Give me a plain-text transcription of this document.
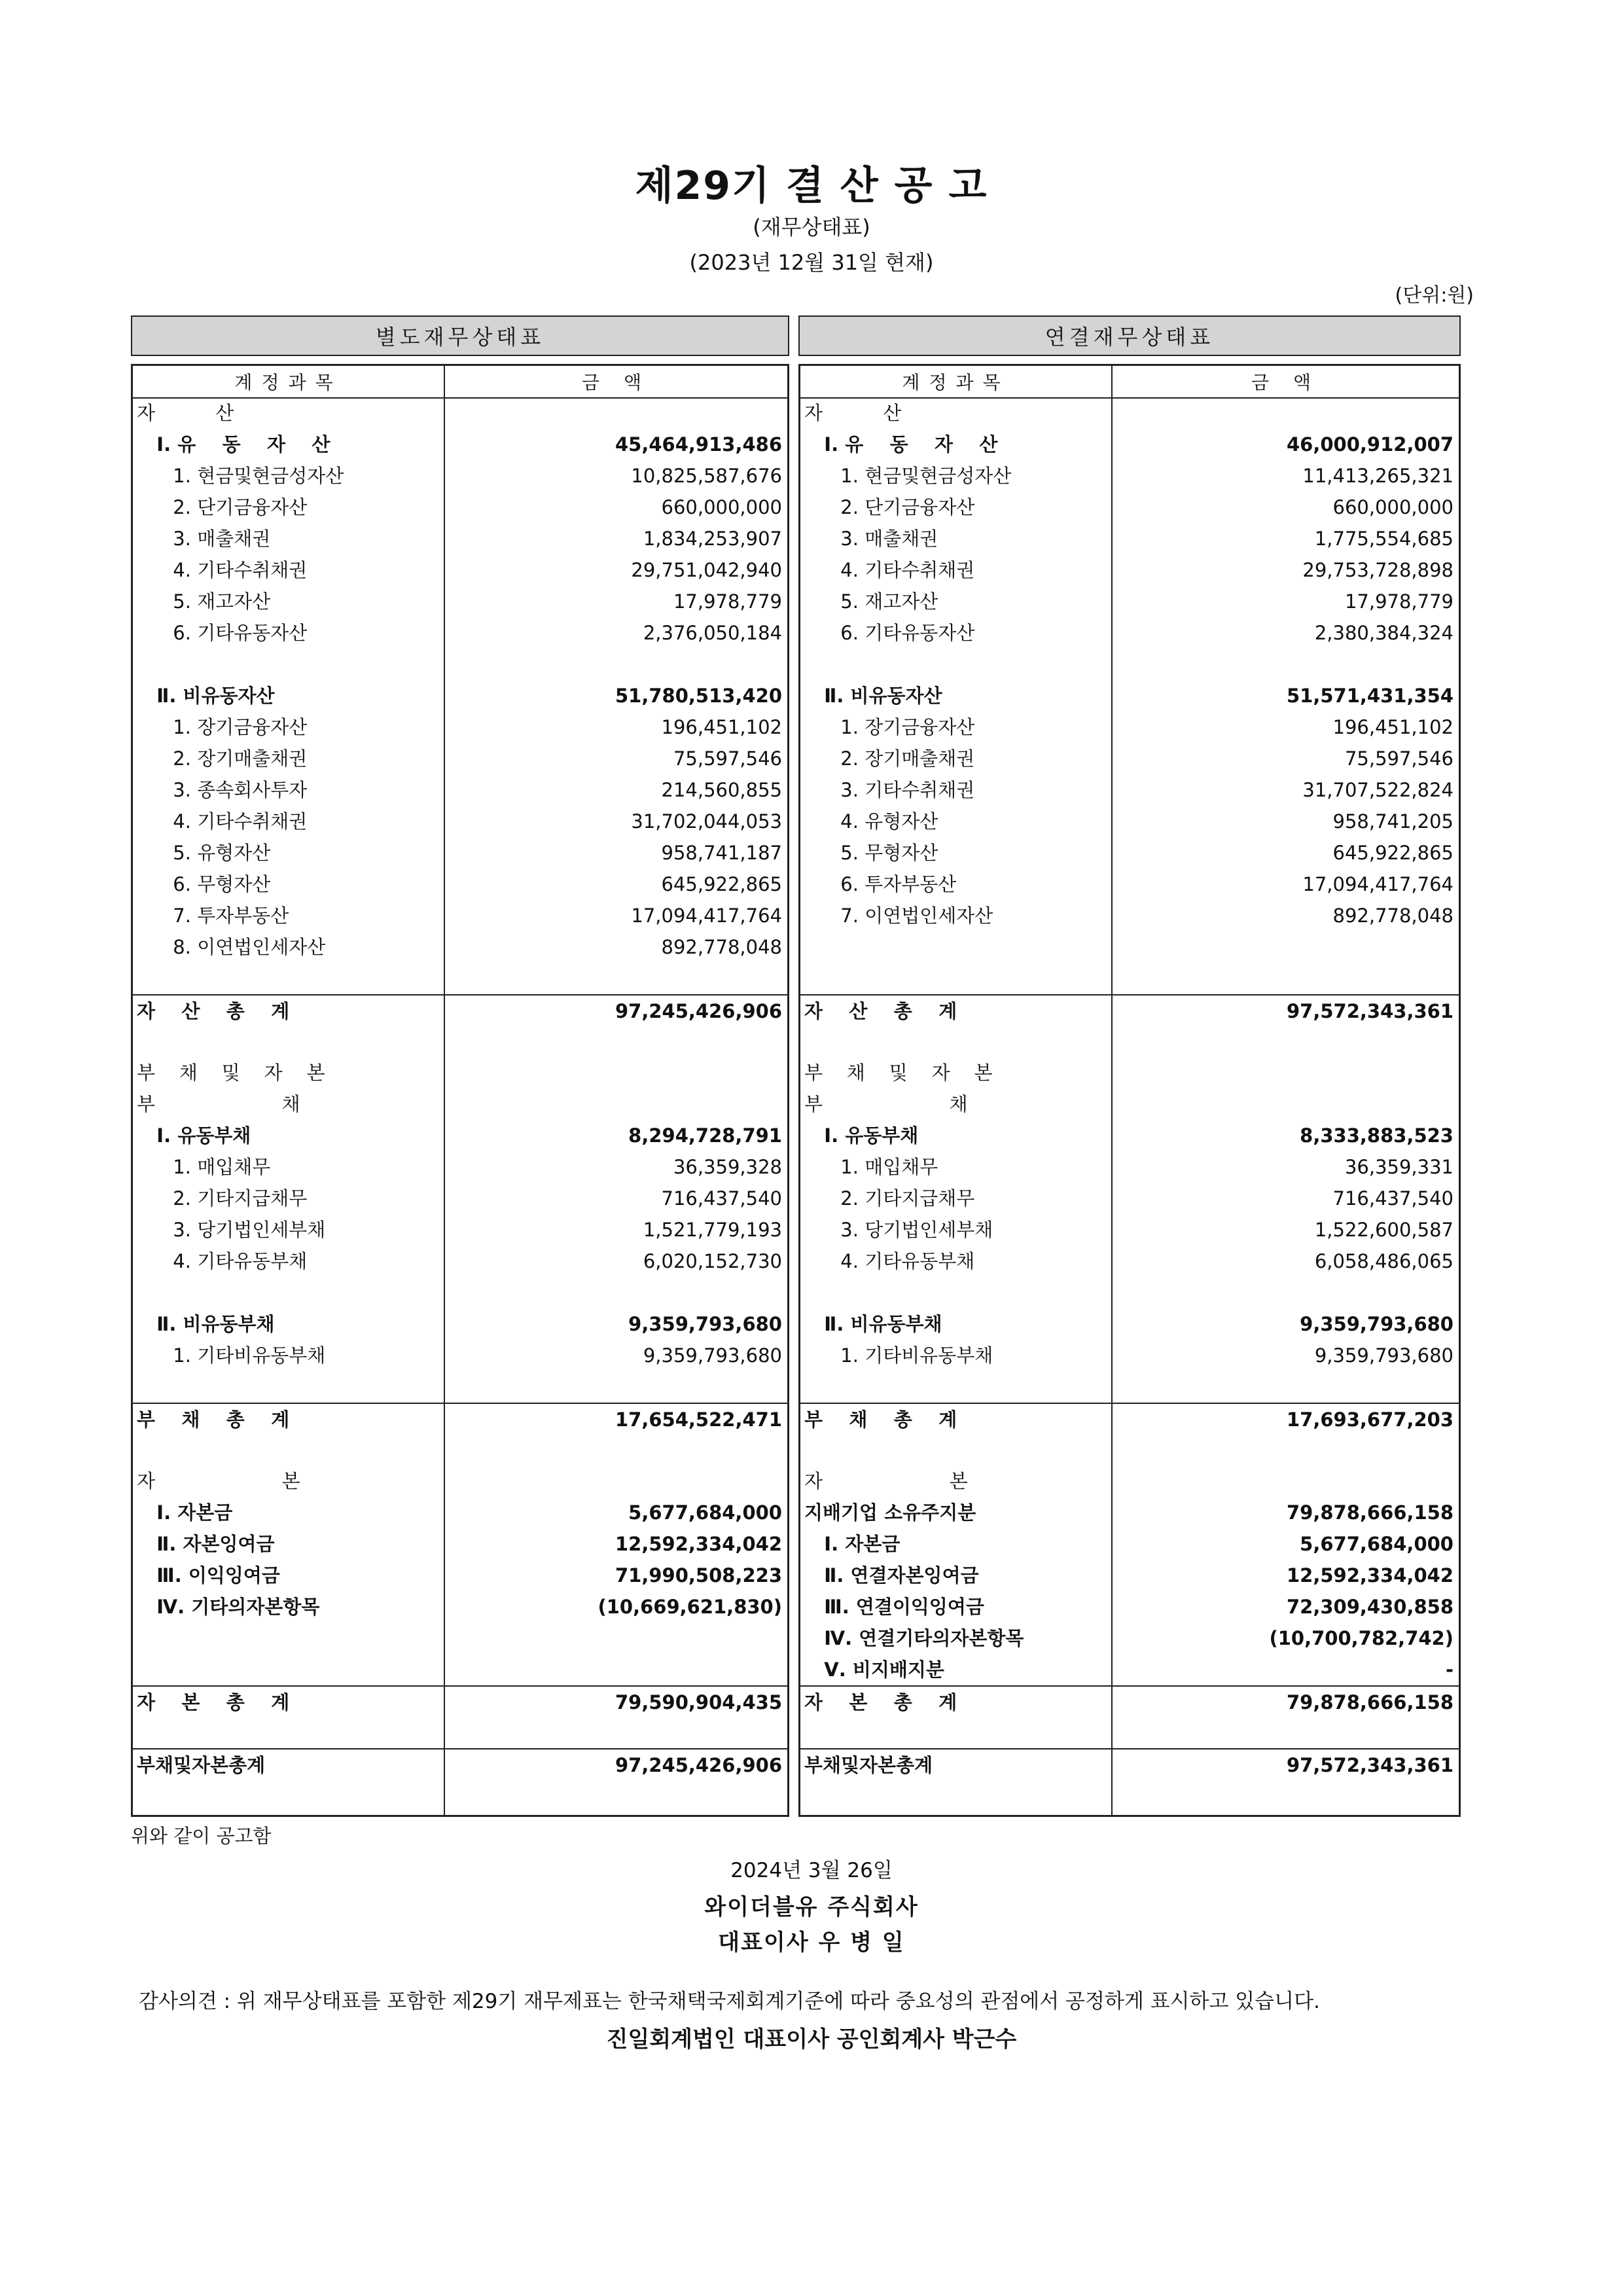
제29기 결 산 공 고
(재무상태표)
(2023년 12월 31일 현재)
(단위:원)
별도재무상태표	연결재무상태표
계정과목	금 액
자          산
Ⅰ. 유    동    자    산	45,464,913,486
1. 현금및현금성자산	10,825,587,676
2. 단기금융자산	660,000,000
3. 매출채권	1,834,253,907
4. 기타수취채권	29,751,042,940
5. 재고자산	17,978,779
6. 기타유동자산	2,376,050,184
Ⅱ. 비유동자산	51,780,513,420
1. 장기금융자산	196,451,102
2. 장기매출채권	75,597,546
3. 종속회사투자	214,560,855
4. 기타수취채권	31,702,044,053
5. 유형자산	958,741,187
6. 무형자산	645,922,865
7. 투자부동산	17,094,417,764
8. 이연법인세자산	892,778,048
자    산    총    계	97,245,426,906
부    채    및    자    본
부                     채
Ⅰ. 유동부채	8,294,728,791
1. 매입채무	36,359,328
2. 기타지급채무	716,437,540
3. 당기법인세부채	1,521,779,193
4. 기타유동부채	6,020,152,730
Ⅱ. 비유동부채	9,359,793,680
1. 기타비유동부채	9,359,793,680
부    채    총    계	17,654,522,471
자                     본
Ⅰ. 자본금	5,677,684,000
Ⅱ. 자본잉여금	12,592,334,042
Ⅲ. 이익잉여금	71,990,508,223
Ⅳ. 기타의자본항목	(10,669,621,830)
자    본    총    계	79,590,904,435
부채및자본총계	97,245,426,906
계정과목	금 액
자          산
Ⅰ. 유    동    자    산	46,000,912,007
1. 현금및현금성자산	11,413,265,321
2. 단기금융자산	660,000,000
3. 매출채권	1,775,554,685
4. 기타수취채권	29,753,728,898
5. 재고자산	17,978,779
6. 기타유동자산	2,380,384,324
Ⅱ. 비유동자산	51,571,431,354
1. 장기금융자산	196,451,102
2. 장기매출채권	75,597,546
3. 기타수취채권	31,707,522,824
4. 유형자산	958,741,205
5. 무형자산	645,922,865
6. 투자부동산	17,094,417,764
7. 이연법인세자산	892,778,048
자    산    총    계	97,572,343,361
부    채    및    자    본
부                     채
Ⅰ. 유동부채	8,333,883,523
1. 매입채무	36,359,331
2. 기타지급채무	716,437,540
3. 당기법인세부채	1,522,600,587
4. 기타유동부채	6,058,486,065
Ⅱ. 비유동부채	9,359,793,680
1. 기타비유동부채	9,359,793,680
부    채    총    계	17,693,677,203
자                     본
지배기업 소유주지분	79,878,666,158
Ⅰ. 자본금	5,677,684,000
Ⅱ. 연결자본잉여금	12,592,334,042
Ⅲ. 연결이익잉여금	72,309,430,858
Ⅳ. 연결기타의자본항목	(10,700,782,742)
Ⅴ. 비지배지분	-
자    본    총    계	79,878,666,158
부채및자본총계	97,572,343,361
위와 같이 공고함
2024년 3월 26일
와이더블유 주식회사
대표이사 우 병 일
감사의견 : 위 재무상태표를 포함한 제29기 재무제표는 한국채택국제회계기준에 따라 중요성의 관점에서 공정하게 표시하고 있습니다.
진일회계법인 대표이사 공인회계사 박근수
